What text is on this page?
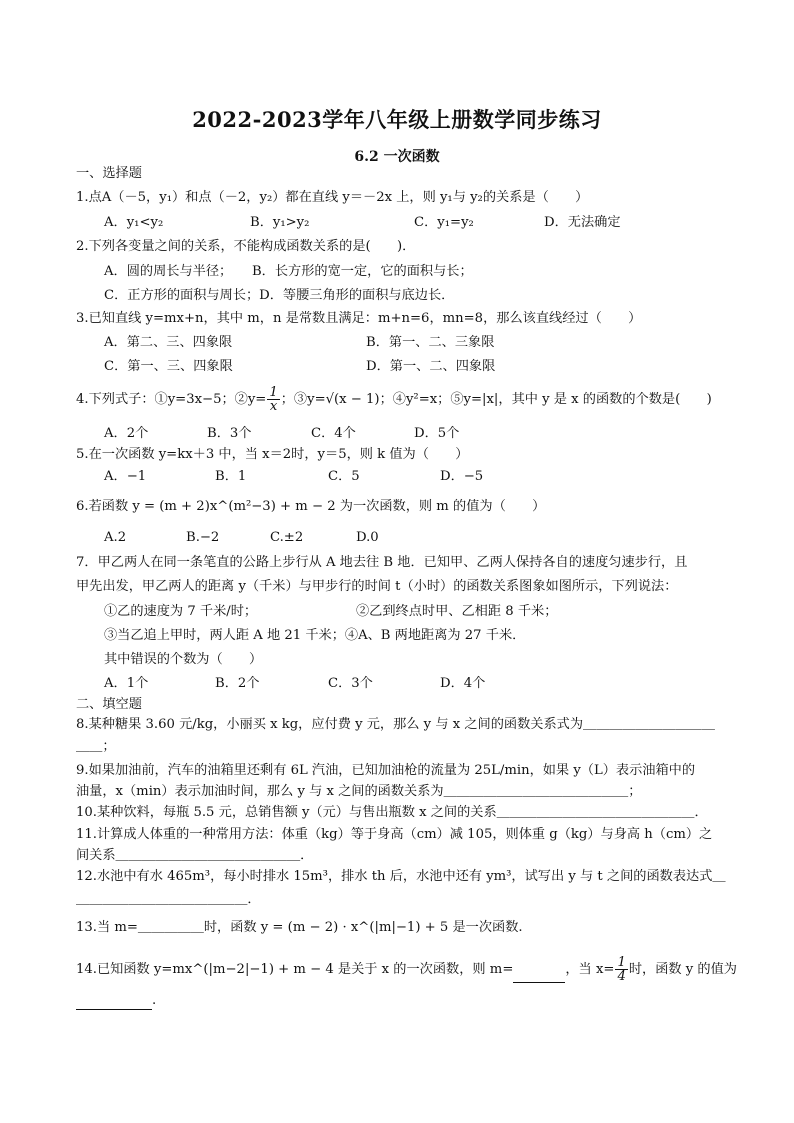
2022-2023学年八年级上册数学同步练习
6.2 一次函数
一、选择题
1.点A（－5，y₁）和点（－2，y₂）都在直线 y＝－2x 上，则 y₁与 y₂的关系是（　　）
A．y₁<y₂	B．y₁>y₂	C．y₁=y₂	D．无法确定
2.下列各变量之间的关系，不能构成函数关系的是(　　)．
A．圆的周长与半径；　　B．长方形的宽一定，它的面积与长；
C．正方形的面积与周长；D．等腰三角形的面积与底边长．
3.已知直线 y=mx+n，其中 m，n 是常数且满足：m+n=6，mn=8，那么该直线经过（　　）
A．第二、三、四象限	B．第一、二、三象限
C．第一、三、四象限	D．第一、二、四象限
4.下列式子：①y=3x−5；②y= $\frac{1}{x}$ ；③y=√(x − 1)；④y²=x；⑤y=|x|，其中 y 是 x 的函数的个数是(　　)
A．2个	B．3个	C．4个	D．5个
5.在一次函数 y=kx＋3 中，当 x＝2时，y＝5，则 k 值为（　　）
A．−1	B．1	C．5	D．−5
6.若函数 y = (m + 2)x^(m²−3) + m − 2 为一次函数，则 m 的值为（　　）
A.2	B.−2	C.±2	D.0
7．甲乙两人在同一条笔直的公路上步行从 A 地去往 B 地．已知甲、乙两人保持各自的速度匀速步行，且
甲先出发，甲乙两人的距离 y（千米）与甲步行的时间 t（小时）的函数关系图象如图所示，下列说法：
①乙的速度为 7 千米/时；	②乙到终点时甲、乙相距 8 千米；
③当乙追上甲时，两人距 A 地 21 千米；④A、B 两地距离为 27 千米．
其中错误的个数为（　　）
A．1个	B．2个	C．3个	D．4个
二、填空题
8.某种糖果 3.60 元/kg，小丽买 x kg，应付费 y 元，那么 y 与 x 之间的函数关系式为＿＿＿＿＿＿＿＿＿＿
＿＿；
9.如果加油前，汽车的油箱里还剩有 6L 汽油，已知加油枪的流量为 25L/min，如果 y（L）表示油箱中的
油量，x（min）表示加油时间，那么 y 与 x 之间的函数关系为＿＿＿＿＿＿＿＿＿＿＿＿＿＿；
10.某种饮料，每瓶 5.5 元，总销售额 y（元）与售出瓶数 x 之间的关系＿＿＿＿＿＿＿＿＿＿＿＿＿＿＿．
11.计算成人体重的一种常用方法：体重（kg）等于身高（cm）减 105，则体重 g（kg）与身高 h（cm）之
间关系＿＿＿＿＿＿＿＿＿＿＿＿＿＿．
12.水池中有水 465m³，每小时排水 15m³，排水 th 后，水池中还有 ym³，试写出 y 与 t 之间的函数表达式＿
＿＿＿＿＿＿＿＿＿＿＿＿＿．
13.当 m=＿＿＿＿＿时，函数 y = (m − 2) · x^(|m|−1) + 5 是一次函数.
14.已知函数 y=mx^(|m−2|−1) + m − 4 是关于 x 的一次函数，则 m=	，当 $x= \frac{1}{4}$ 时，函数 y 的值为
.
